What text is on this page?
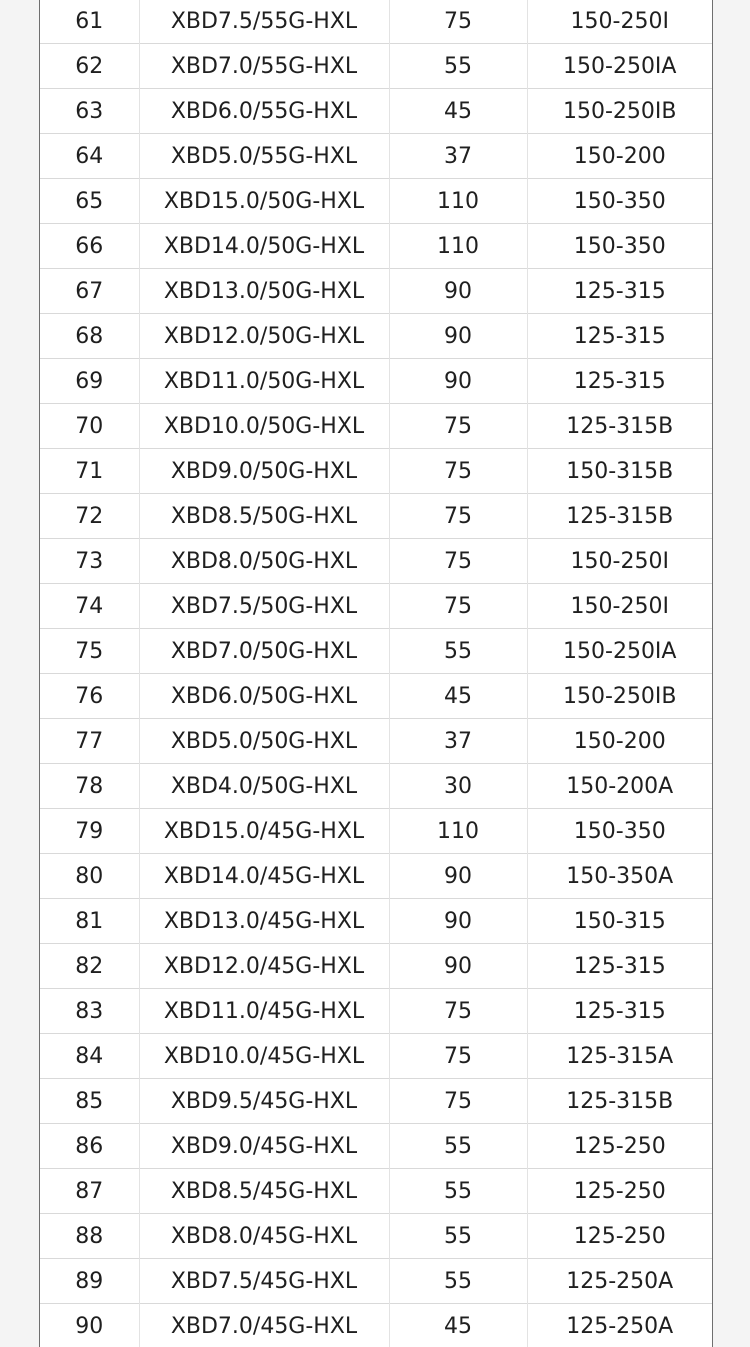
61	XBD7.5/55G-HXL	75	150-250I
62	XBD7.0/55G-HXL	55	150-250IA
63	XBD6.0/55G-HXL	45	150-250IB
64	XBD5.0/55G-HXL	37	150-200
65	XBD15.0/50G-HXL	110	150-350
66	XBD14.0/50G-HXL	110	150-350
67	XBD13.0/50G-HXL	90	125-315
68	XBD12.0/50G-HXL	90	125-315
69	XBD11.0/50G-HXL	90	125-315
70	XBD10.0/50G-HXL	75	125-315B
71	XBD9.0/50G-HXL	75	150-315B
72	XBD8.5/50G-HXL	75	125-315B
73	XBD8.0/50G-HXL	75	150-250I
74	XBD7.5/50G-HXL	75	150-250I
75	XBD7.0/50G-HXL	55	150-250IA
76	XBD6.0/50G-HXL	45	150-250IB
77	XBD5.0/50G-HXL	37	150-200
78	XBD4.0/50G-HXL	30	150-200A
79	XBD15.0/45G-HXL	110	150-350
80	XBD14.0/45G-HXL	90	150-350A
81	XBD13.0/45G-HXL	90	150-315
82	XBD12.0/45G-HXL	90	125-315
83	XBD11.0/45G-HXL	75	125-315
84	XBD10.0/45G-HXL	75	125-315A
85	XBD9.5/45G-HXL	75	125-315B
86	XBD9.0/45G-HXL	55	125-250
87	XBD8.5/45G-HXL	55	125-250
88	XBD8.0/45G-HXL	55	125-250
89	XBD7.5/45G-HXL	55	125-250A
90	XBD7.0/45G-HXL	45	125-250A
